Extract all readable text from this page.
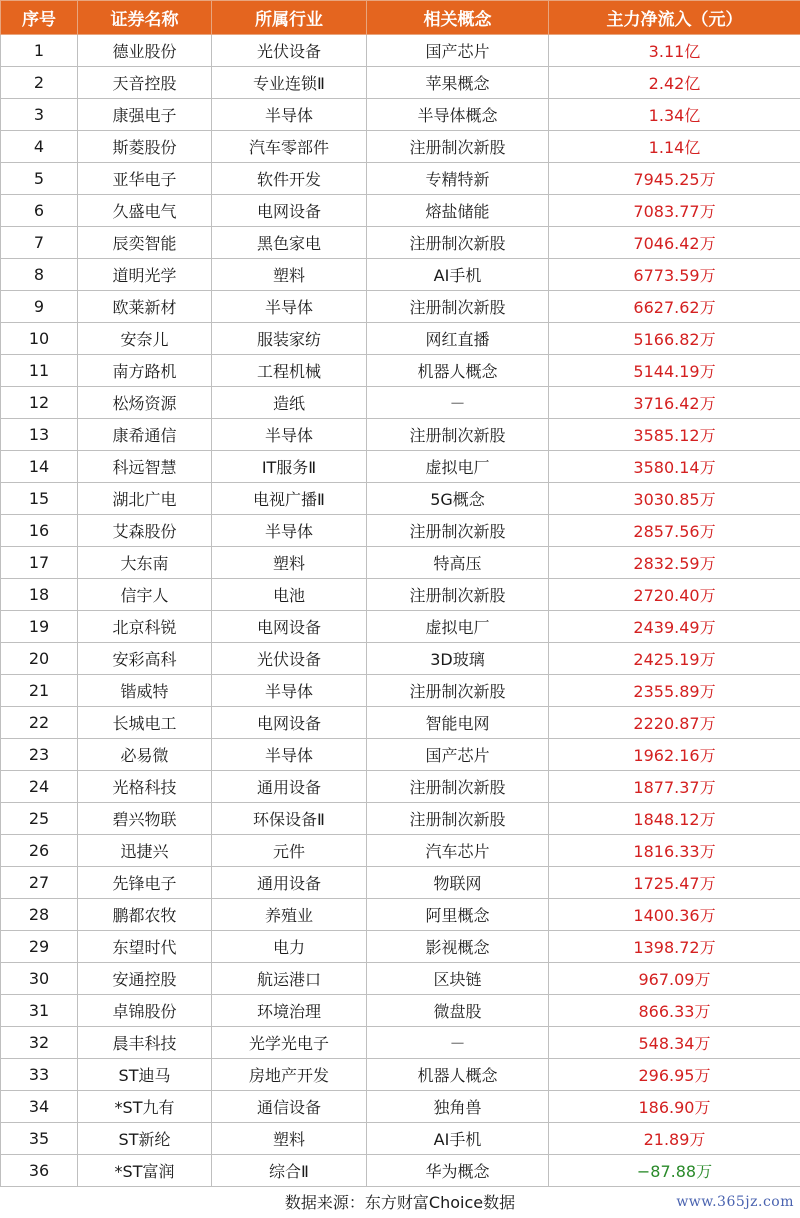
序号	证券名称	所属行业	相关概念	主力净流入（元）
1	德业股份	光伏设备	国产芯片	3.11亿
2	天音控股	专业连锁Ⅱ	苹果概念	2.42亿
3	康强电子	半导体	半导体概念	1.34亿
4	斯菱股份	汽车零部件	注册制次新股	1.14亿
5	亚华电子	软件开发	专精特新	7945.25万
6	久盛电气	电网设备	熔盐储能	7083.77万
7	辰奕智能	黑色家电	注册制次新股	7046.42万
8	道明光学	塑料	AI手机	6773.59万
9	欧莱新材	半导体	注册制次新股	6627.62万
10	安奈儿	服装家纺	网红直播	5166.82万
11	南方路机	工程机械	机器人概念	5144.19万
12	松炀资源	造纸	－	3716.42万
13	康希通信	半导体	注册制次新股	3585.12万
14	科远智慧	IT服务Ⅱ	虚拟电厂	3580.14万
15	湖北广电	电视广播Ⅱ	5G概念	3030.85万
16	艾森股份	半导体	注册制次新股	2857.56万
17	大东南	塑料	特高压	2832.59万
18	信宇人	电池	注册制次新股	2720.40万
19	北京科锐	电网设备	虚拟电厂	2439.49万
20	安彩高科	光伏设备	3D玻璃	2425.19万
21	锴威特	半导体	注册制次新股	2355.89万
22	长城电工	电网设备	智能电网	2220.87万
23	必易微	半导体	国产芯片	1962.16万
24	光格科技	通用设备	注册制次新股	1877.37万
25	碧兴物联	环保设备Ⅱ	注册制次新股	1848.12万
26	迅捷兴	元件	汽车芯片	1816.33万
27	先锋电子	通用设备	物联网	1725.47万
28	鹏都农牧	养殖业	阿里概念	1400.36万
29	东望时代	电力	影视概念	1398.72万
30	安通控股	航运港口	区块链	967.09万
31	卓锦股份	环境治理	微盘股	866.33万
32	晨丰科技	光学光电子	－	548.34万
33	ST迪马	房地产开发	机器人概念	296.95万
34	*ST九有	通信设备	独角兽	186.90万
35	ST新纶	塑料	AI手机	21.89万
36	*ST富润	综合Ⅱ	华为概念	−87.88万
数据来源：东方财富Choice数据	www.365jz.com
